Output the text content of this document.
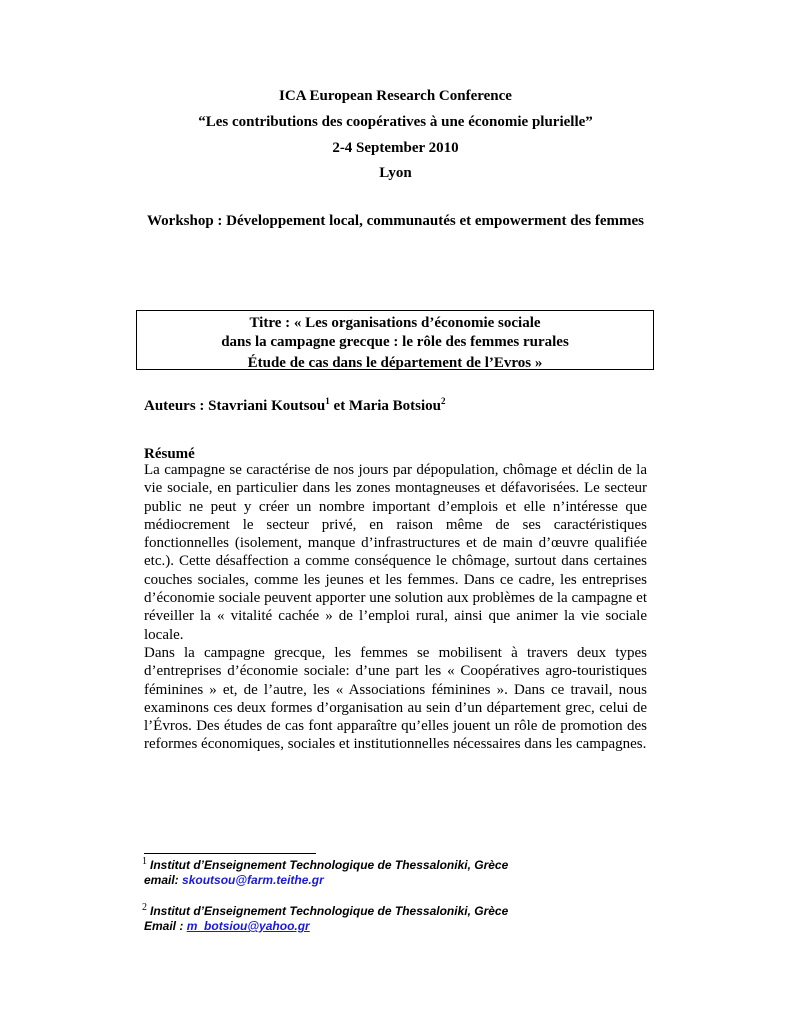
ICA European Research Conference
“Les contributions des coopératives à une économie plurielle”
2-4 September 2010
Lyon
Workshop : Développement local, communautés et empowerment des femmes
Titre : « Les organisations d’économie sociale
dans la campagne grecque : le rôle des femmes rurales
Étude de cas dans le département de l’Evros »
Auteurs : Stavriani Koutsou$^1$ et Maria Botsiou$^2$
Résumé

La campagne se caractérise de nos jours par dépopulation, chômage et déclin de la vie sociale, en particulier dans les zones montagneuses et défavorisées. Le secteur public ne peut y créer un nombre important d’emplois et elle n’intéresse que médiocrement le secteur privé, en raison même de ses caractéristiques fonctionnelles (isolement, manque d’infrastructures et de main d’œuvre qualifiée etc.). Cette désaffection a comme conséquence le chômage, surtout dans certaines couches sociales, comme les jeunes et les femmes. Dans ce cadre, les entreprises d’économie sociale peuvent apporter une solution aux problèmes de la campagne et réveiller la « vitalité cachée » de l’emploi rural, ainsi que animer la vie sociale locale.

Dans la campagne grecque, les femmes se mobilisent à travers deux types d’entreprises d’économie sociale: d’une part les « Coopératives agro-touristiques féminines » et, de l’autre, les « Associations féminines ». Dans ce travail, nous examinons ces deux formes d’organisation au sein d’un département grec, celui de l’Évros. Des études de cas font apparaître qu’elles jouent un rôle de promotion des reformes économiques, sociales et institutionnelles nécessaires dans les campagnes.

$^1$ Institut d’Enseignement Technologique de Thessaloniki, Grèce
email: skoutsou@farm.teithe.gr
$^2$ Institut d’Enseignement Technologique de Thessaloniki, Grèce
Email : m_botsiou@yahoo.gr
